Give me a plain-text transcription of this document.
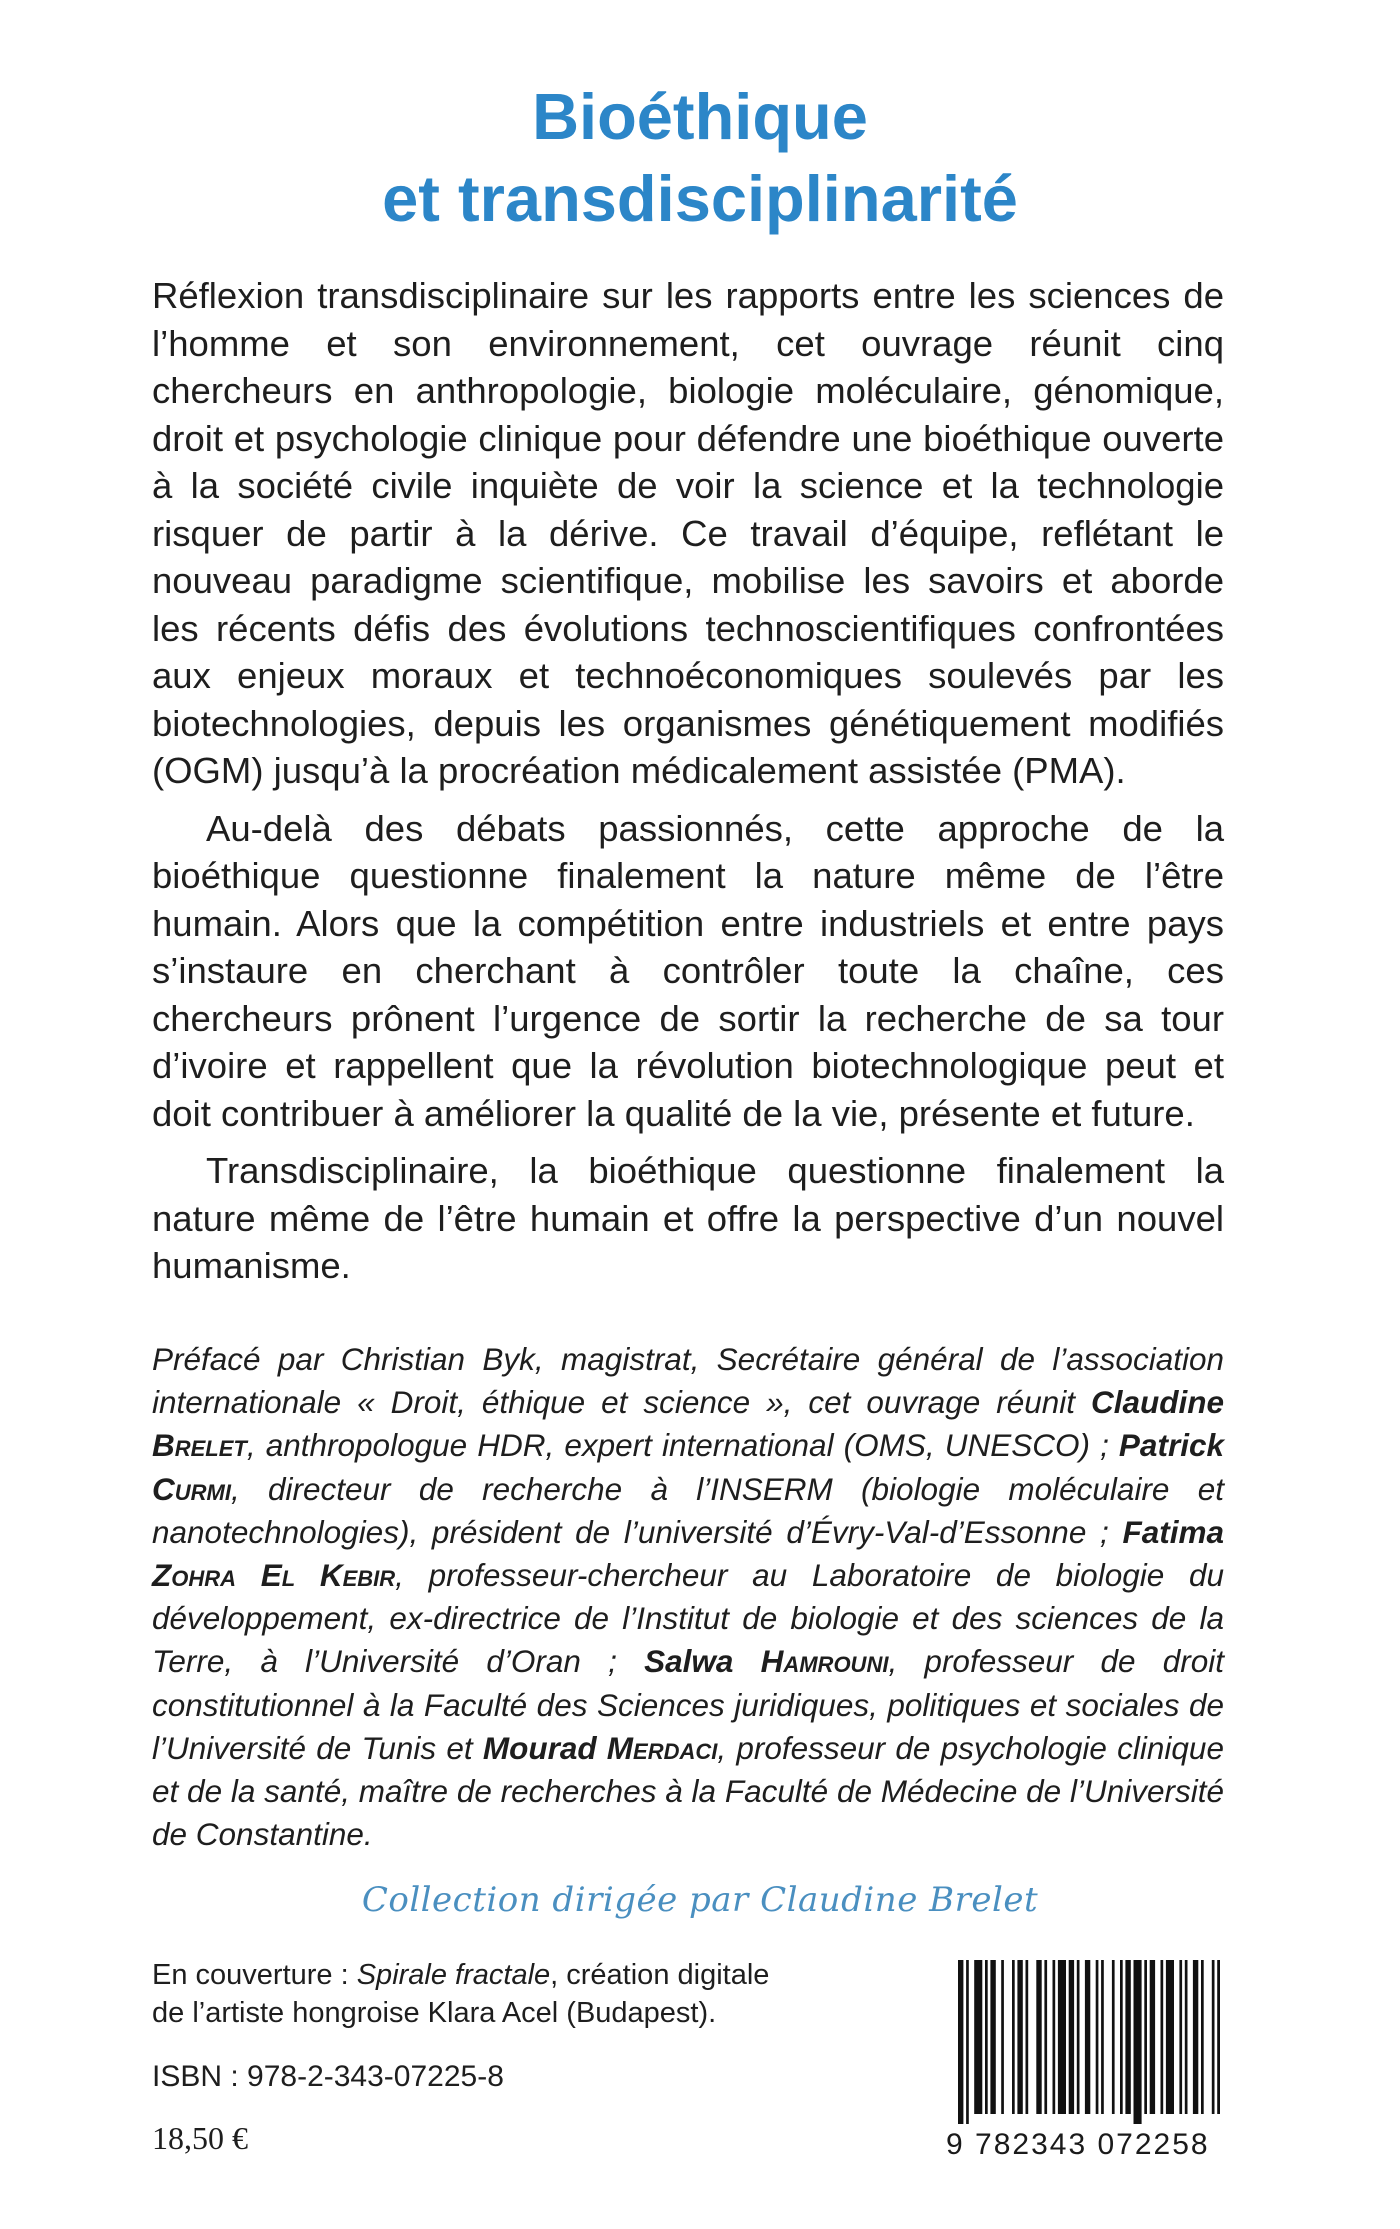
Bioéthique
et transdisciplinarité

Réflexion transdisciplinaire sur les rapports entre les sciences de l’homme et son environnement, cet ouvrage réunit cinq chercheurs en anthropologie, biologie moléculaire, génomique, droit et psychologie clinique pour défendre une bioéthique ouverte à la société civile inquiète de voir la science et la technologie risquer de partir à la dérive. Ce travail d’équipe, reflétant le nouveau paradigme scientifique, mobilise les savoirs et aborde les récents défis des évolutions technoscientifiques confrontées aux enjeux moraux et technoéconomiques soulevés par les biotechnologies, depuis les organismes génétiquement modifiés (OGM) jusqu’à la procréation médicalement assistée (PMA).

Au-delà des débats passionnés, cette approche de la bioéthique questionne finalement la nature même de l’être humain. Alors que la compétition entre industriels et entre pays s’instaure en cherchant à contrôler toute la chaîne, ces chercheurs prônent l’urgence de sortir la recherche de sa tour d’ivoire et rappellent que la révolution biotechnologique peut et doit contribuer à améliorer la qualité de la vie, présente et future.

Transdisciplinaire, la bioéthique questionne finalement la nature même de l’être humain et offre la perspective d’un nouvel humanisme.

Préfacé par Christian Byk, magistrat, Secrétaire général de l’association internationale « Droit, éthique et science », cet ouvrage réunit Claudine Brelet, anthropologue HDR, expert international (OMS, UNESCO) ; Patrick Curmi, directeur de recherche à l’INSERM (biologie moléculaire et nanotechnologies), président de l’université d’Évry-Val-d’Essonne ; Fatima Zohra El Kebir, professeur-chercheur au Laboratoire de biologie du développement, ex-directrice de l’Institut de biologie et des sciences de la Terre, à l’Université d’Oran ; Salwa Hamrouni, professeur de droit constitutionnel à la Faculté des Sciences juridiques, politiques et sociales de l’Université de Tunis et Mourad Merdaci, professeur de psychologie clinique et de la santé, maître de recherches à la Faculté de Médecine de l’Université de Constantine.
Collection dirigée par Claudine Brelet
En couverture : Spirale fractale, création digitale de l’artiste hongroise Klara Acel (Budapest).
ISBN : 978-2-343-07225-8
18,50 €	9 782343 072258
